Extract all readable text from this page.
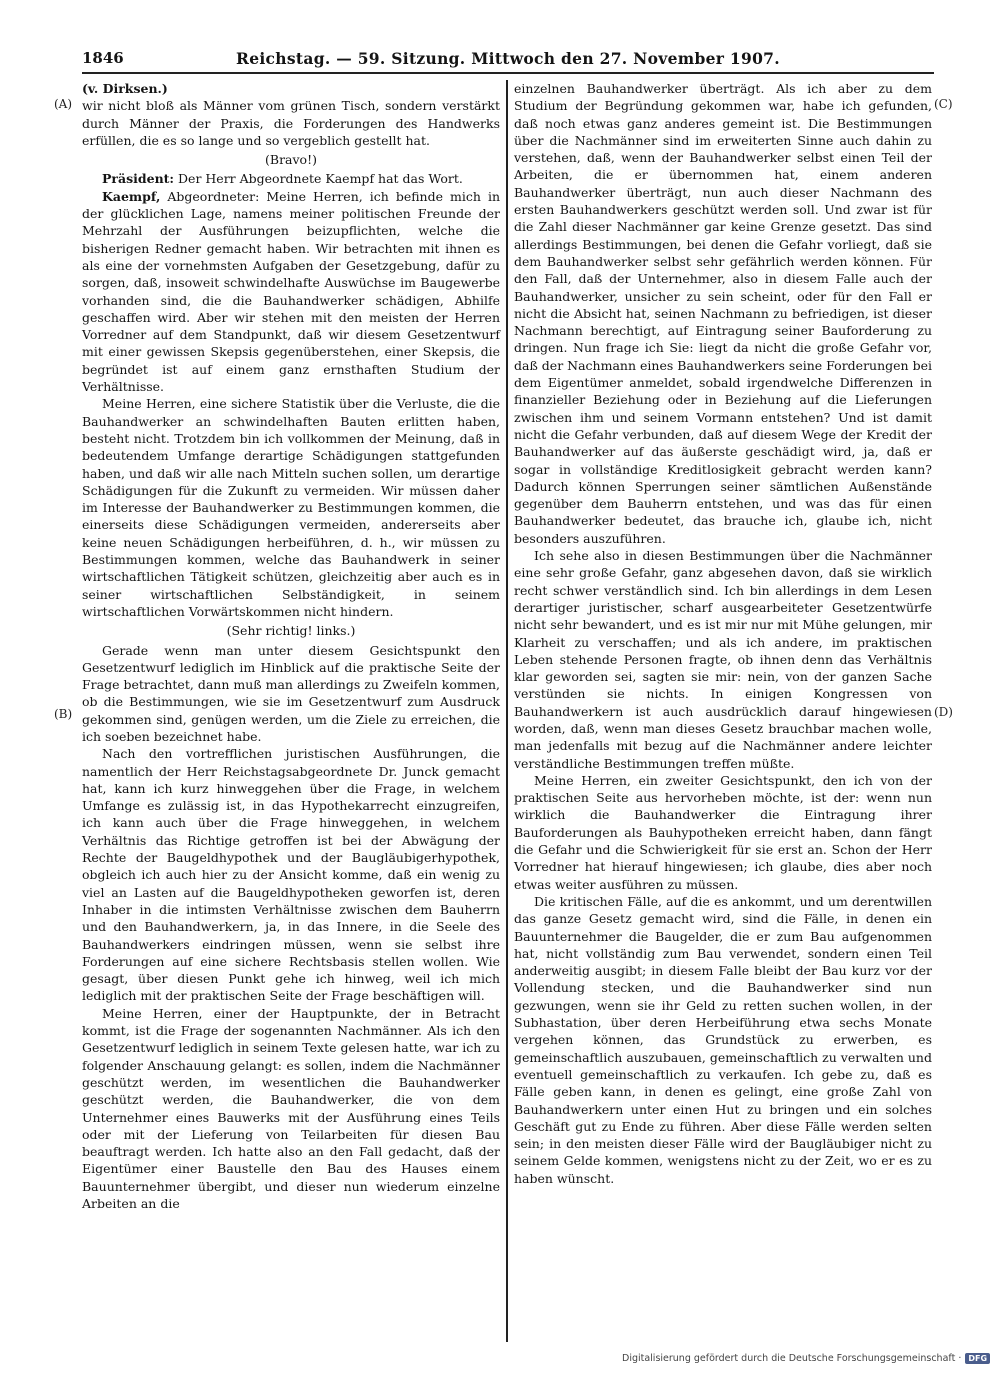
1846	Reichstag. — 59. Sitzung. Mittwoch den 27. November 1907.
(A)
(B)
(C)
(D)

(v. Dirksen.)

wir nicht bloß als Männer vom grünen Tisch, sondern verstärkt durch Männer der Praxis, die Forderungen des Handwerks erfüllen, die es so lange und so vergeblich gestellt hat.

(Bravo!)

Präsident: Der Herr Abgeordnete Kaempf hat das Wort.

Kaempf, Abgeordneter: Meine Herren, ich befinde mich in der glücklichen Lage, namens meiner politischen Freunde der Mehrzahl der Ausführungen beizupflichten, welche die bisherigen Redner gemacht haben. Wir betrachten mit ihnen es als eine der vornehmsten Aufgaben der Gesetzgebung, dafür zu sorgen, daß, insoweit schwindelhafte Auswüchse im Baugewerbe vorhanden sind, die die Bauhandwerker schädigen, Abhilfe geschaffen wird. Aber wir stehen mit den meisten der Herren Vorredner auf dem Standpunkt, daß wir diesem Gesetzentwurf mit einer gewissen Skepsis gegenüberstehen, einer Skepsis, die begründet ist auf einem ganz ernsthaften Studium der Verhältnisse.

Meine Herren, eine sichere Statistik über die Verluste, die die Bauhandwerker an schwindelhaften Bauten erlitten haben, besteht nicht. Trotzdem bin ich vollkommen der Meinung, daß in bedeutendem Umfange derartige Schädigungen stattgefunden haben, und daß wir alle nach Mitteln suchen sollen, um derartige Schädigungen für die Zukunft zu vermeiden. Wir müssen daher im Interesse der Bauhandwerker zu Bestimmungen kommen, die einerseits diese Schädigungen vermeiden, andererseits aber keine neuen Schädigungen herbeiführen, d. h., wir müssen zu Bestimmungen kommen, welche das Bauhandwerk in seiner wirtschaftlichen Tätigkeit schützen, gleichzeitig aber auch es in seiner wirtschaftlichen Selbständigkeit, in seinem wirtschaftlichen Vorwärtskommen nicht hindern.

(Sehr richtig! links.)

Gerade wenn man unter diesem Gesichtspunkt den Gesetzentwurf lediglich im Hinblick auf die praktische Seite der Frage betrachtet, dann muß man allerdings zu Zweifeln kommen, ob die Bestimmungen, wie sie im Gesetzentwurf zum Ausdruck gekommen sind, genügen werden, um die Ziele zu erreichen, die ich soeben bezeichnet habe.

Nach den vortrefflichen juristischen Ausführungen, die namentlich der Herr Reichstagsabgeordnete Dr. Junck gemacht hat, kann ich kurz hinweggehen über die Frage, in welchem Umfange es zulässig ist, in das Hypothekarrecht einzugreifen, ich kann auch über die Frage hinweggehen, in welchem Verhältnis das Richtige getroffen ist bei der Abwägung der Rechte der Baugeldhypothek und der Baugläubigerhypothek, obgleich ich auch hier zu der Ansicht komme, daß ein wenig zu viel an Lasten auf die Baugeldhypotheken geworfen ist, deren Inhaber in die intimsten Verhältnisse zwischen dem Bauherrn und den Bauhandwerkern, ja, in das Innere, in die Seele des Bauhandwerkers eindringen müssen, wenn sie selbst ihre Forderungen auf eine sichere Rechtsbasis stellen wollen. Wie gesagt, über diesen Punkt gehe ich hinweg, weil ich mich lediglich mit der praktischen Seite der Frage beschäftigen will.

Meine Herren, einer der Hauptpunkte, der in Betracht kommt, ist die Frage der sogenannten Nachmänner. Als ich den Gesetzentwurf lediglich in seinem Texte gelesen hatte, war ich zu folgender Anschauung gelangt: es sollen, indem die Nachmänner geschützt werden, im wesentlichen die Bauhandwerker geschützt werden, die Bauhandwerker, die von dem Unternehmer eines Bauwerks mit der Ausführung eines Teils oder mit der Lieferung von Teilarbeiten für diesen Bau beauftragt werden. Ich hatte also an den Fall gedacht, daß der Eigentümer einer Baustelle den Bau des Hauses einem Bauunternehmer übergibt, und dieser nun wiederum einzelne Arbeiten an die

einzelnen Bauhandwerker überträgt. Als ich aber zu dem Studium der Begründung gekommen war, habe ich gefunden, daß noch etwas ganz anderes gemeint ist. Die Bestimmungen über die Nachmänner sind im erweiterten Sinne auch dahin zu verstehen, daß, wenn der Bauhandwerker selbst einen Teil der Arbeiten, die er übernommen hat, einem anderen Bauhandwerker überträgt, nun auch dieser Nachmann des ersten Bauhandwerkers geschützt werden soll. Und zwar ist für die Zahl dieser Nachmänner gar keine Grenze gesetzt. Das sind allerdings Bestimmungen, bei denen die Gefahr vorliegt, daß sie dem Bauhandwerker selbst sehr gefährlich werden können. Für den Fall, daß der Unternehmer, also in diesem Falle auch der Bauhandwerker, unsicher zu sein scheint, oder für den Fall er nicht die Absicht hat, seinen Nachmann zu befriedigen, ist dieser Nachmann berechtigt, auf Eintragung seiner Bauforderung zu dringen. Nun frage ich Sie: liegt da nicht die große Gefahr vor, daß der Nachmann eines Bauhandwerkers seine Forderungen bei dem Eigentümer anmeldet, sobald irgendwelche Differenzen in finanzieller Beziehung oder in Beziehung auf die Lieferungen zwischen ihm und seinem Vormann entstehen? Und ist damit nicht die Gefahr verbunden, daß auf diesem Wege der Kredit der Bauhandwerker auf das äußerste geschädigt wird, ja, daß er sogar in vollständige Kreditlosigkeit gebracht werden kann? Dadurch können Sperrungen seiner sämtlichen Außenstände gegenüber dem Bauherrn entstehen, und was das für einen Bauhandwerker bedeutet, das brauche ich, glaube ich, nicht besonders auszuführen.

Ich sehe also in diesen Bestimmungen über die Nachmänner eine sehr große Gefahr, ganz abgesehen davon, daß sie wirklich recht schwer verständlich sind. Ich bin allerdings in dem Lesen derartiger juristischer, scharf ausgearbeiteter Gesetzentwürfe nicht sehr bewandert, und es ist mir nur mit Mühe gelungen, mir Klarheit zu verschaffen; und als ich andere, im praktischen Leben stehende Personen fragte, ob ihnen denn das Verhältnis klar geworden sei, sagten sie mir: nein, von der ganzen Sache verstünden sie nichts. In einigen Kongressen von Bauhandwerkern ist auch ausdrücklich darauf hingewiesen worden, daß, wenn man dieses Gesetz brauchbar machen wolle, man jedenfalls mit bezug auf die Nachmänner andere leichter verständliche Bestimmungen treffen müßte.

Meine Herren, ein zweiter Gesichtspunkt, den ich von der praktischen Seite aus hervorheben möchte, ist der: wenn nun wirklich die Bauhandwerker die Eintragung ihrer Bauforderungen als Bauhypotheken erreicht haben, dann fängt die Gefahr und die Schwierigkeit für sie erst an. Schon der Herr Vorredner hat hierauf hingewiesen; ich glaube, dies aber noch etwas weiter ausführen zu müssen.

Die kritischen Fälle, auf die es ankommt, und um derentwillen das ganze Gesetz gemacht wird, sind die Fälle, in denen ein Bauunternehmer die Baugelder, die er zum Bau aufgenommen hat, nicht vollständig zum Bau verwendet, sondern einen Teil anderweitig ausgibt; in diesem Falle bleibt der Bau kurz vor der Vollendung stecken, und die Bauhandwerker sind nun gezwungen, wenn sie ihr Geld zu retten suchen wollen, in der Subhastation, über deren Herbeiführung etwa sechs Monate vergehen können, das Grundstück zu erwerben, es gemeinschaftlich auszubauen, gemeinschaftlich zu verwalten und eventuell gemeinschaftlich zu verkaufen. Ich gebe zu, daß es Fälle geben kann, in denen es gelingt, eine große Zahl von Bauhandwerkern unter einen Hut zu bringen und ein solches Geschäft gut zu Ende zu führen. Aber diese Fälle werden selten sein; in den meisten dieser Fälle wird der Baugläubiger nicht zu seinem Gelde kommen, wenigstens nicht zu der Zeit, wo er es zu haben wünscht.

Digitalisierung gefördert durch die Deutsche Forschungsgemeinschaft · DFG
